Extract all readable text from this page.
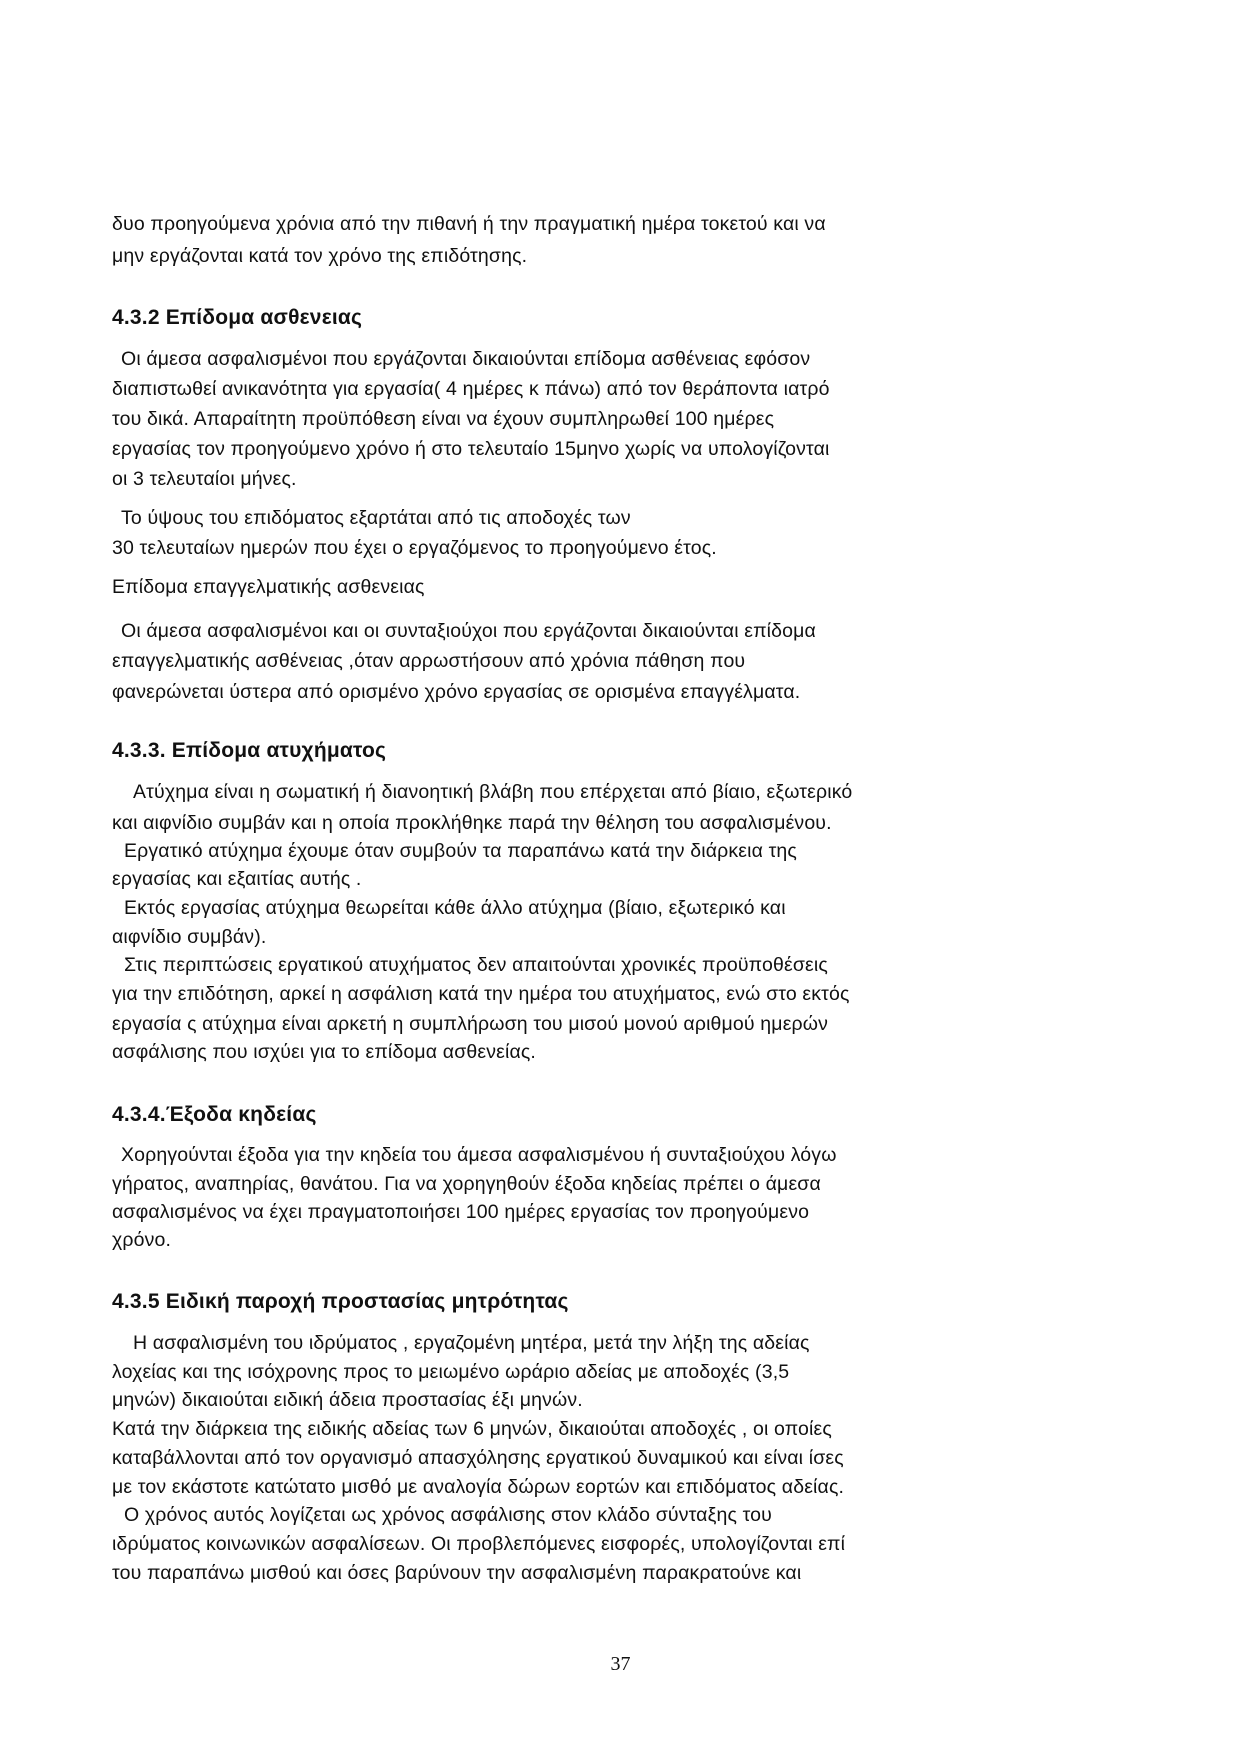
δυο προηγούμενα χρόνια από την πιθανή ή την πραγματική ημέρα τοκετού και να
μην εργάζονται κατά τον χρόνο της επιδότησης.
4.3.2 Επίδομα ασθενειας
Οι άμεσα ασφαλισμένοι που εργάζονται δικαιούνται επίδομα ασθένειας εφόσον
διαπιστωθεί ανικανότητα για εργασία( 4 ημέρες κ πάνω) από τον θεράποντα ιατρό
του δικά. Απαραίτητη προϋπόθεση είναι να έχουν συμπληρωθεί 100 ημέρες
εργασίας τον προηγούμενο χρόνο ή στο τελευταίο 15μηνο χωρίς να υπολογίζονται
οι 3 τελευταίοι μήνες.
Το ύψους του επιδόματος εξαρτάται από τις αποδοχές των
30 τελευταίων ημερών που έχει ο εργαζόμενος το προηγούμενο έτος.
Επίδομα επαγγελματικής ασθενειας
Οι άμεσα ασφαλισμένοι και οι συνταξιούχοι που εργάζονται δικαιούνται επίδομα
επαγγελματικής ασθένειας ,όταν αρρωστήσουν από χρόνια πάθηση που
φανερώνεται ύστερα από ορισμένο χρόνο εργασίας σε ορισμένα επαγγέλματα.
4.3.3. Επίδομα ατυχήματος
Ατύχημα είναι η σωματική ή διανοητική βλάβη που επέρχεται από βίαιο, εξωτερικό
και αιφνίδιο συμβάν και η οποία προκλήθηκε παρά την θέληση του ασφαλισμένου.
Εργατικό ατύχημα έχουμε όταν συμβούν τα παραπάνω κατά την διάρκεια της
εργασίας και εξαιτίας αυτής .
Εκτός εργασίας ατύχημα θεωρείται κάθε άλλο ατύχημα (βίαιο, εξωτερικό και
αιφνίδιο συμβάν).
Στις περιπτώσεις εργατικού ατυχήματος δεν απαιτούνται χρονικές προϋποθέσεις
για την επιδότηση, αρκεί η ασφάλιση κατά την ημέρα του ατυχήματος, ενώ στο εκτός
εργασία ς ατύχημα είναι αρκετή η συμπλήρωση του μισού μονού αριθμού ημερών
ασφάλισης που ισχύει για το επίδομα ασθενείας.
4.3.4.Έξοδα κηδείας
Χορηγούνται έξοδα για την κηδεία του άμεσα ασφαλισμένου ή συνταξιούχου λόγω
γήρατος, αναπηρίας, θανάτου. Για να χορηγηθούν έξοδα κηδείας πρέπει ο άμεσα
ασφαλισμένος να έχει πραγματοποιήσει 100 ημέρες εργασίας τον προηγούμενο
χρόνο.
4.3.5 Ειδική παροχή προστασίας μητρότητας
Η ασφαλισμένη του ιδρύματος , εργαζομένη μητέρα, μετά την λήξη της αδείας
λοχείας και της ισόχρονης προς το μειωμένο ωράριο αδείας με αποδοχές (3,5
μηνών) δικαιούται ειδική άδεια προστασίας έξι μηνών.
Κατά την διάρκεια της ειδικής αδείας των 6 μηνών, δικαιούται αποδοχές , οι οποίες
καταβάλλονται από τον οργανισμό απασχόλησης εργατικού δυναμικού και είναι ίσες
με τον εκάστοτε κατώτατο μισθό με αναλογία δώρων εορτών και επιδόματος αδείας.
Ο χρόνος αυτός λογίζεται ως χρόνος ασφάλισης στον κλάδο σύνταξης του
ιδρύματος κοινωνικών ασφαλίσεων. Οι προβλεπόμενες εισφορές, υπολογίζονται επί
του παραπάνω μισθού και όσες βαρύνουν την ασφαλισμένη παρακρατούνε και
37
